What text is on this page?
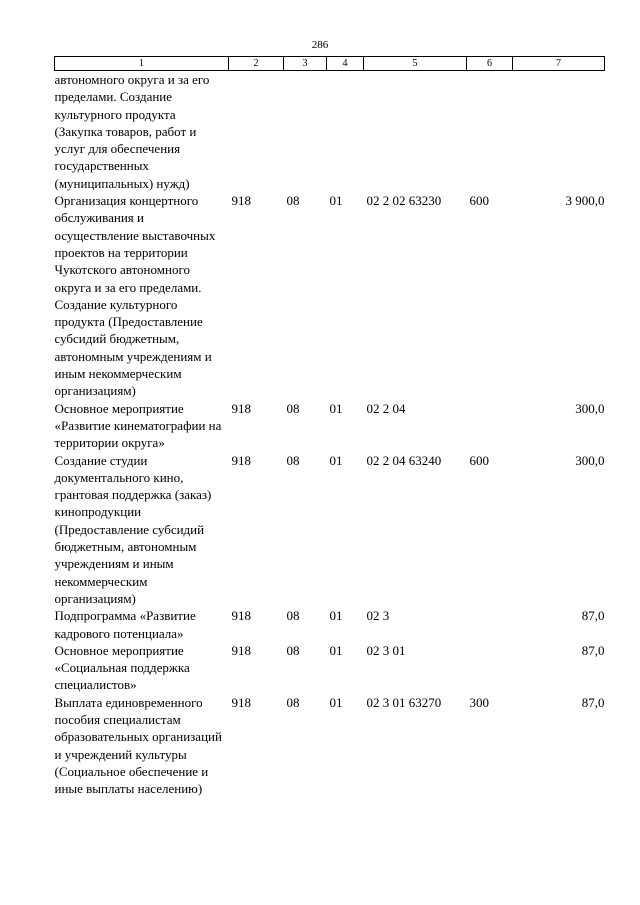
286
1	2	3	4	5	6	7
автономного округа и за его пределами. Создание культурного продукта (Закупка товаров, работ и услуг для обеспечения государственных (муниципальных) нужд)						
Организация концертного обслуживания и осуществление выставочных проектов на территории Чукотского автономного округа и за его пределами. Создание культурного продукта (Предоставление субсидий бюджетным, автономным учреждениям и иным некоммерческим организациям)	918	08	01	02 2 02 63230	600	3 900,0
Основное мероприятие «Развитие кинематографии на территории округа»	918	08	01	02 2 04		300,0
Создание студии документального кино, грантовая поддержка (заказ) кинопродукции (Предоставление субсидий бюджетным, автономным учреждениям и иным некоммерческим организациям)	918	08	01	02 2 04 63240	600	300,0
Подпрограмма «Развитие кадрового потенциала»	918	08	01	02 3		87,0
Основное мероприятие «Социальная поддержка специалистов»	918	08	01	02 3 01		87,0
Выплата единовременного пособия специалистам образовательных организаций и учреждений культуры (Социальное обеспечение и иные выплаты населению)	918	08	01	02 3 01 63270	300	87,0
